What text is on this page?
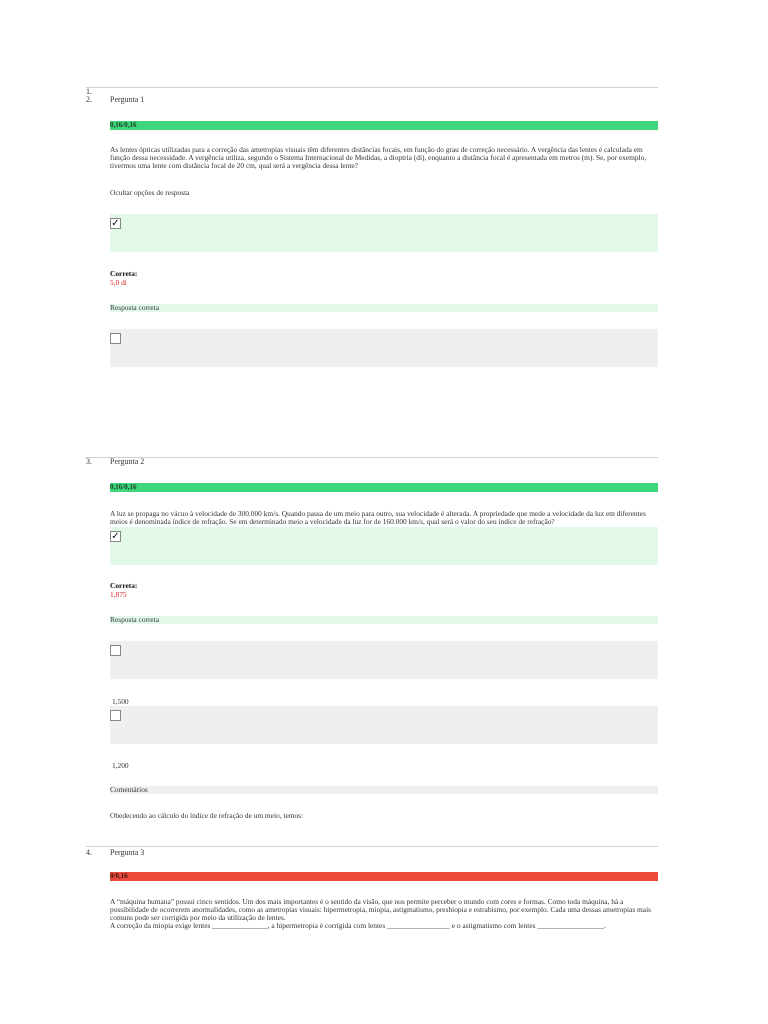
1.
2. Pergunta 1
0,16/0,16
As lentes ópticas utilizadas para a correção das ametropias visuais têm diferentes distâncias focais, em função do grau de correção necessário. A vergência das lentes é calculada em função dessa necessidade. A vergência utiliza, segundo o Sistema Internacional de Medidas, a dioptria (di), enquanto a distância focal é apresentada em metros (m). Se, por exemplo, tivermos uma lente com distância focal de 20 cm, qual será a vergência dessa lente?
Ocultar opções de resposta
✓
Correta:
5,0 di
Resposta correta
3. Pergunta 2
0,16/0,16
A luz se propaga no vácuo à velocidade de 300.000 km/s. Quando passa de um meio para outro, sua velocidade é alterada. A propriedade que mede a velocidade da luz em diferentes meios é denominada índice de refração. Se em determinado meio a velocidade da luz for de 160.000 km/s, qual será o valor do seu índice de refração?
✓
Correta:
1,875
Resposta correta
1,500
1,200
Comentários
Obedecendo ao cálculo do índice de refração de um meio, temos:
4. Pergunta 3
0/0,16
A “máquina humana” possui cinco sentidos. Um dos mais importantes é o sentido da visão, que nos permite perceber o mundo com cores e formas. Como toda máquina, há a possibilidade de ocorrerem anormalidades, como as ametropias visuais: hipermetropia, miopia, astigmatismo, presbiopia e estrabismo, por exemplo. Cada uma dessas ametropias mais comuns pode ser corrigida por meio da utilização de lentes.
A correção da miopia exige lentes _______________, a hipermetropia é corrigida com lentes _________________ e o astigmatismo com lentes __________________.
